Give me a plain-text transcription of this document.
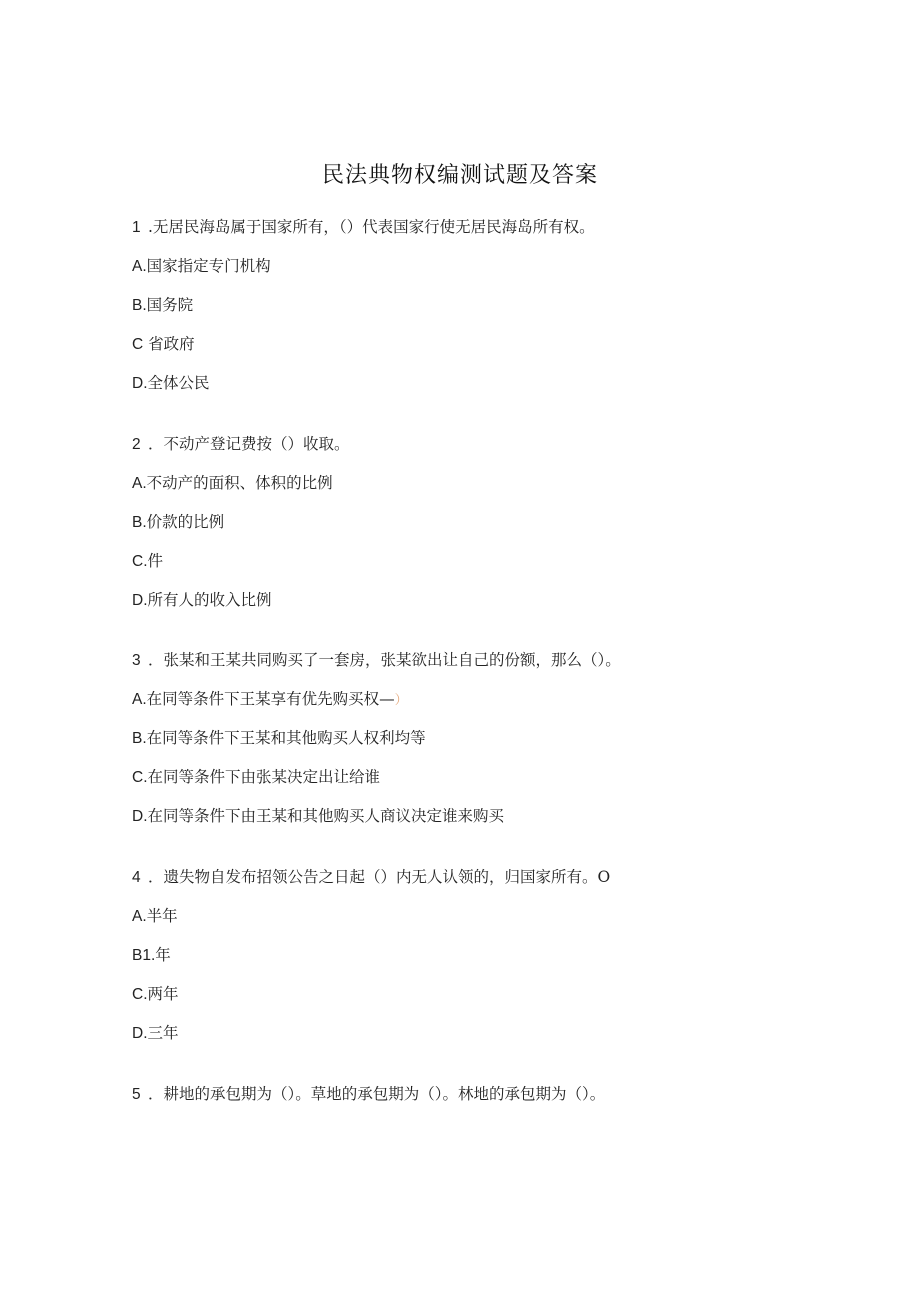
民法典物权编测试题及答案
1 .无居民海岛属于国家所有，（）代表国家行使无居民海岛所有权。
A.国家指定专门机构
B.国务院
C 省政府
D.全体公民
2 ．不动产登记费按（）收取。
A.不动产的面积、体积的比例
B.价款的比例
C.件
D.所有人的收入比例
3 ．张某和王某共同购买了一套房，张某欲出让自己的份额，那么（）。
A.在同等条件下王某享有优先购买权—）
B.在同等条件下王某和其他购买人权利均等
C.在同等条件下由张某决定出让给谁
D.在同等条件下由王某和其他购买人商议决定谁来购买
4 ．遗失物自发布招领公告之日起（）内无人认领的，归国家所有。O
A.半年
B1.年
C.两年
D.三年
5 ．耕地的承包期为（）。草地的承包期为（）。林地的承包期为（）。
